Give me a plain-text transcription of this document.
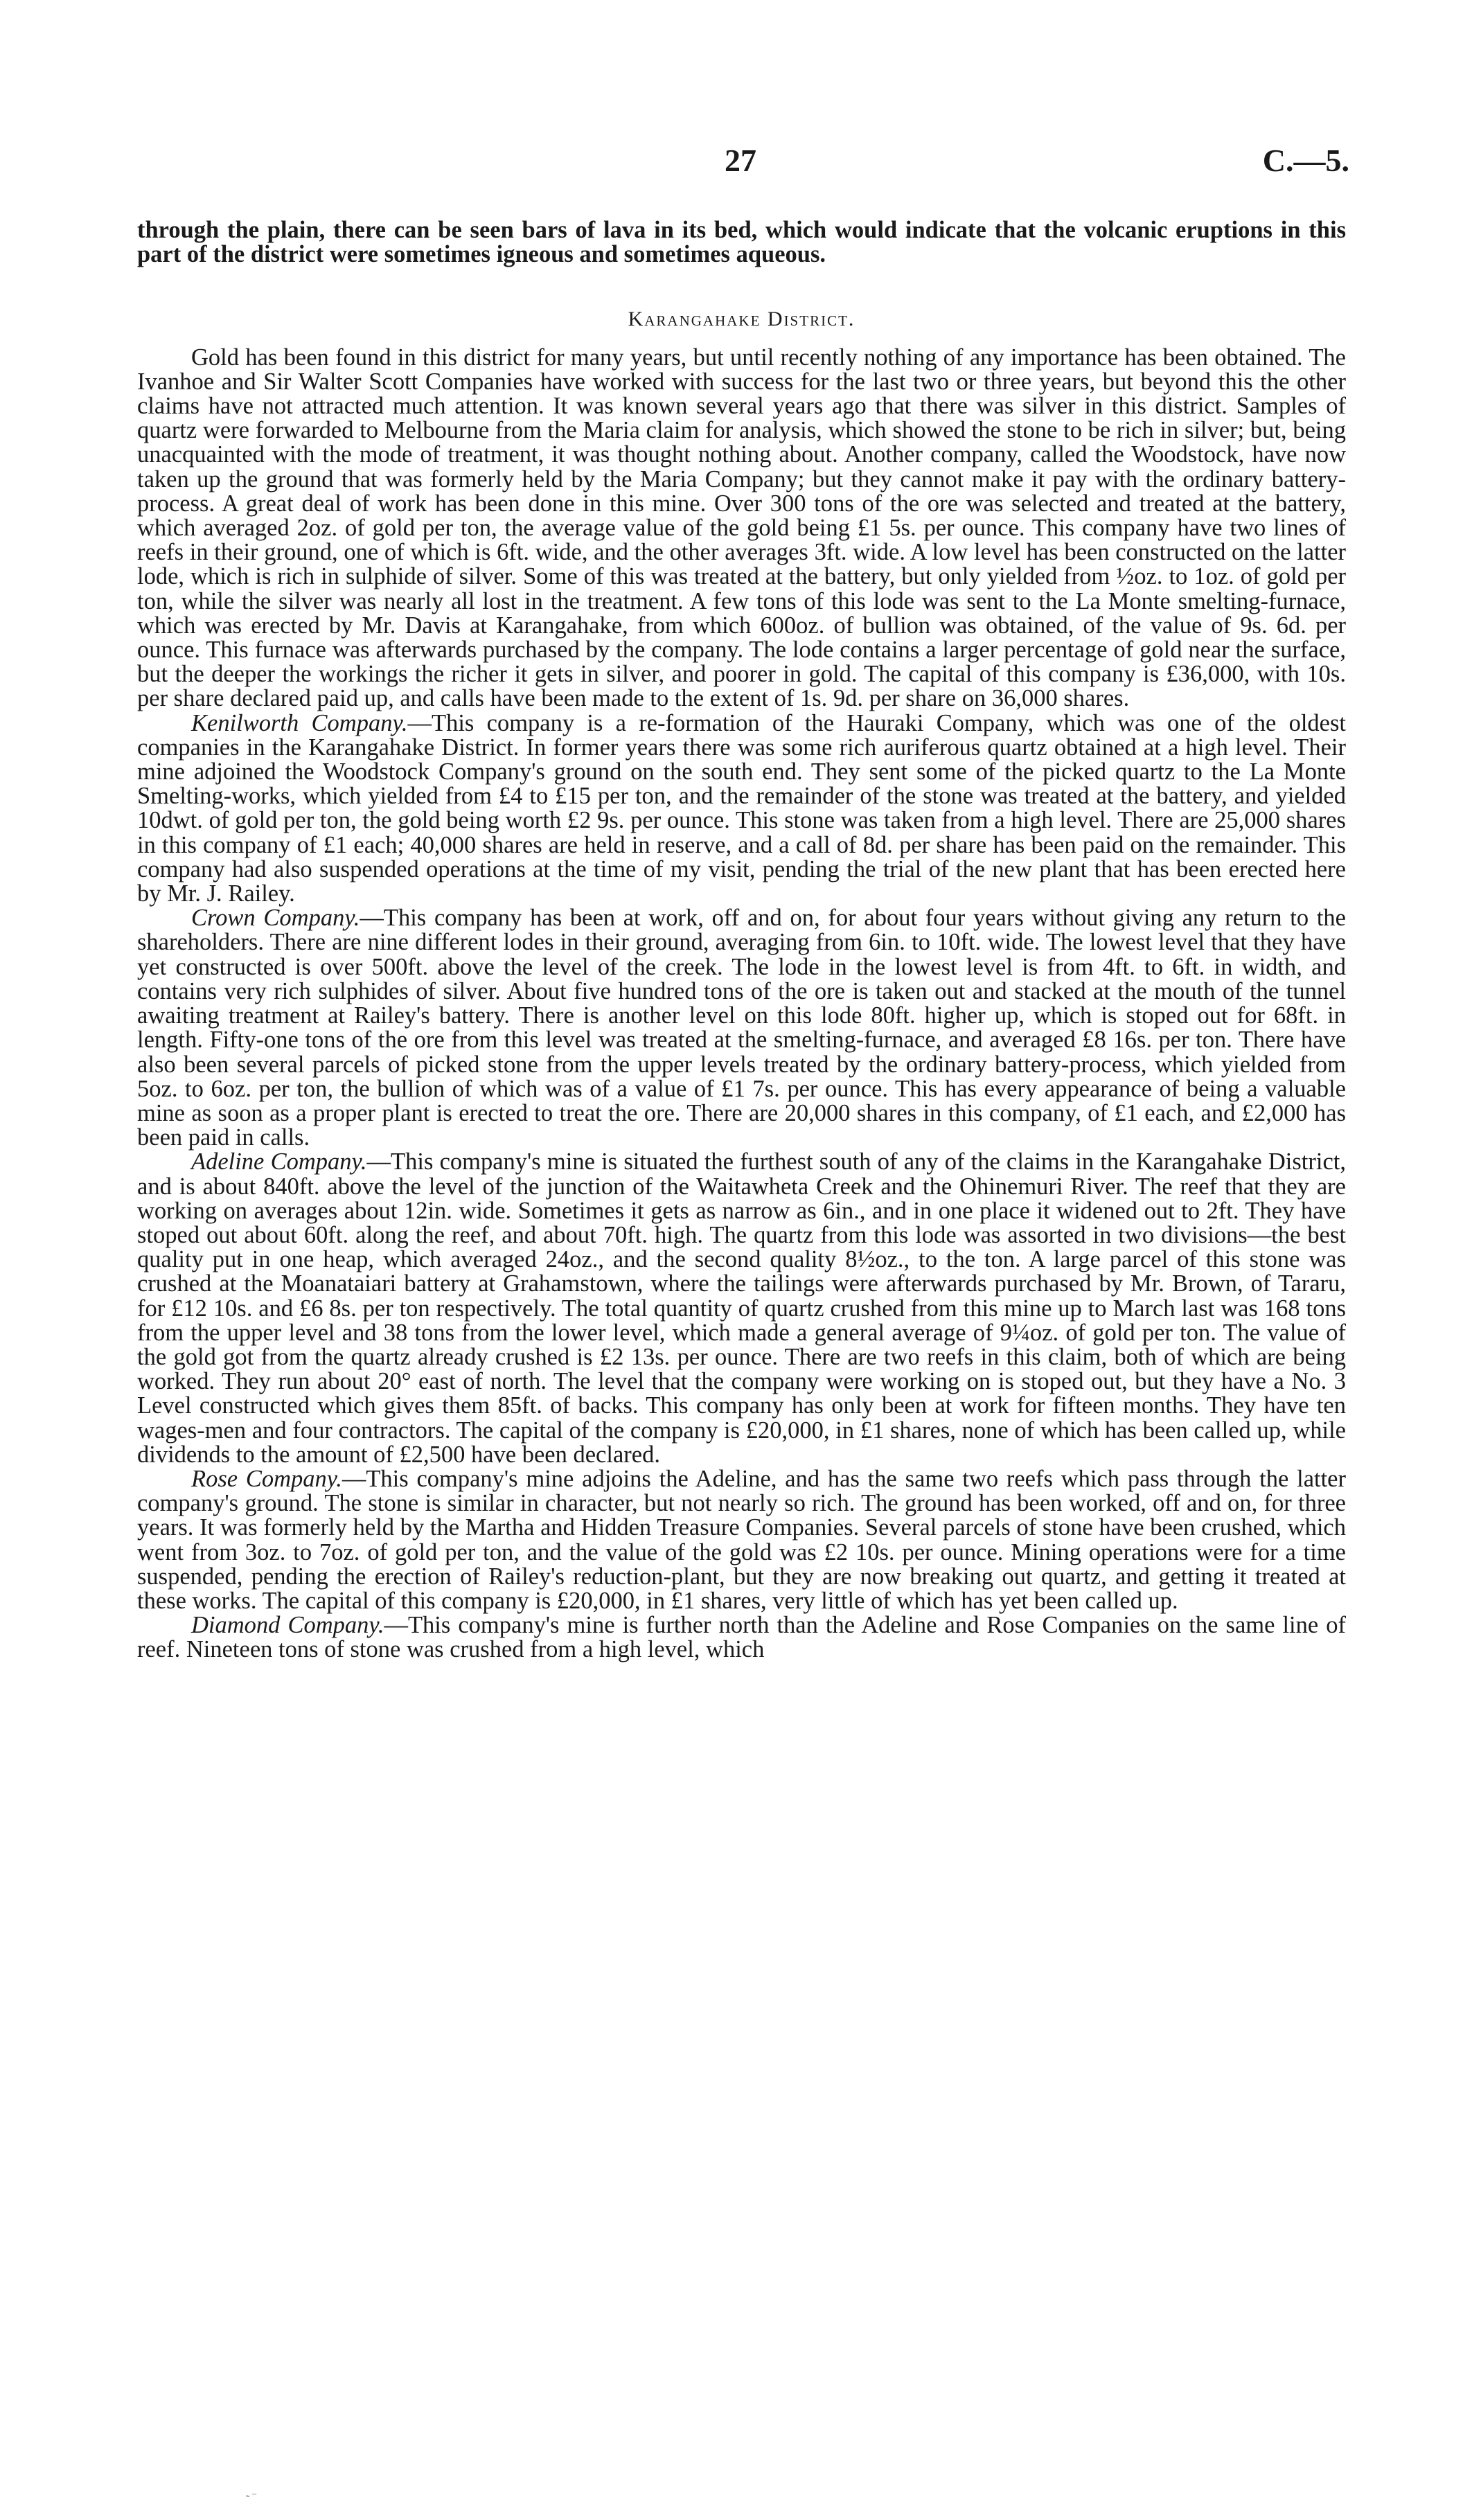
27	C.—5.

through the plain, there can be seen bars of lava in its bed, which would indicate that the volcanic eruptions in this part of the district were sometimes igneous and sometimes aqueous.

Karangahake District.

Gold has been found in this district for many years, but until recently nothing of any importance has been obtained. The Ivanhoe and Sir Walter Scott Companies have worked with success for the last two or three years, but beyond this the other claims have not attracted much attention. It was known several years ago that there was silver in this district. Samples of quartz were forwarded to Melbourne from the Maria claim for analysis, which showed the stone to be rich in silver; but, being unacquainted with the mode of treatment, it was thought nothing about. Another company, called the Woodstock, have now taken up the ground that was formerly held by the Maria Company; but they cannot make it pay with the ordinary battery-process. A great deal of work has been done in this mine. Over 300 tons of the ore was selected and treated at the battery, which averaged 2oz. of gold per ton, the average value of the gold being £1 5s. per ounce. This company have two lines of reefs in their ground, one of which is 6ft. wide, and the other averages 3ft. wide. A low level has been constructed on the latter lode, which is rich in sulphide of silver. Some of this was treated at the battery, but only yielded from ½oz. to 1oz. of gold per ton, while the silver was nearly all lost in the treatment. A few tons of this lode was sent to the La Monte smelting-furnace, which was erected by Mr. Davis at Karangahake, from which 600oz. of bullion was obtained, of the value of 9s. 6d. per ounce. This furnace was afterwards purchased by the company. The lode contains a larger percentage of gold near the surface, but the deeper the workings the richer it gets in silver, and poorer in gold. The capital of this company is £36,000, with 10s. per share declared paid up, and calls have been made to the extent of 1s. 9d. per share on 36,000 shares.

Kenilworth Company.—This company is a re-formation of the Hauraki Company, which was one of the oldest companies in the Karangahake District. In former years there was some rich auriferous quartz obtained at a high level. Their mine adjoined the Woodstock Company's ground on the south end. They sent some of the picked quartz to the La Monte Smelting-works, which yielded from £4 to £15 per ton, and the remainder of the stone was treated at the battery, and yielded 10dwt. of gold per ton, the gold being worth £2 9s. per ounce. This stone was taken from a high level. There are 25,000 shares in this company of £1 each; 40,000 shares are held in reserve, and a call of 8d. per share has been paid on the remainder. This company had also suspended operations at the time of my visit, pending the trial of the new plant that has been erected here by Mr. J. Railey.

Crown Company.—This company has been at work, off and on, for about four years without giving any return to the shareholders. There are nine different lodes in their ground, averaging from 6in. to 10ft. wide. The lowest level that they have yet constructed is over 500ft. above the level of the creek. The lode in the lowest level is from 4ft. to 6ft. in width, and contains very rich sulphides of silver. About five hundred tons of the ore is taken out and stacked at the mouth of the tunnel awaiting treatment at Railey's battery. There is another level on this lode 80ft. higher up, which is stoped out for 68ft. in length. Fifty-one tons of the ore from this level was treated at the smelting-furnace, and averaged £8 16s. per ton. There have also been several parcels of picked stone from the upper levels treated by the ordinary battery-process, which yielded from 5oz. to 6oz. per ton, the bullion of which was of a value of £1 7s. per ounce. This has every appearance of being a valuable mine as soon as a proper plant is erected to treat the ore. There are 20,000 shares in this company, of £1 each, and £2,000 has been paid in calls.

Adeline Company.—This company's mine is situated the furthest south of any of the claims in the Karangahake District, and is about 840ft. above the level of the junction of the Waitawheta Creek and the Ohinemuri River. The reef that they are working on averages about 12in. wide. Sometimes it gets as narrow as 6in., and in one place it widened out to 2ft. They have stoped out about 60ft. along the reef, and about 70ft. high. The quartz from this lode was assorted in two divisions—the best quality put in one heap, which averaged 24oz., and the second quality 8½oz., to the ton. A large parcel of this stone was crushed at the Moanataiari battery at Grahamstown, where the tailings were afterwards purchased by Mr. Brown, of Tararu, for £12 10s. and £6 8s. per ton respectively. The total quantity of quartz crushed from this mine up to March last was 168 tons from the upper level and 38 tons from the lower level, which made a general average of 9¼oz. of gold per ton. The value of the gold got from the quartz already crushed is £2 13s. per ounce. There are two reefs in this claim, both of which are being worked. They run about 20° east of north. The level that the company were working on is stoped out, but they have a No. 3 Level constructed which gives them 85ft. of backs. This company has only been at work for fifteen months. They have ten wages-men and four contractors. The capital of the company is £20,000, in £1 shares, none of which has been called up, while dividends to the amount of £2,500 have been declared.

Rose Company.—This company's mine adjoins the Adeline, and has the same two reefs which pass through the latter company's ground. The stone is similar in character, but not nearly so rich. The ground has been worked, off and on, for three years. It was formerly held by the Martha and Hidden Treasure Companies. Several parcels of stone have been crushed, which went from 3oz. to 7oz. of gold per ton, and the value of the gold was £2 10s. per ounce. Mining operations were for a time suspended, pending the erection of Railey's reduction-plant, but they are now breaking out quartz, and getting it treated at these works. The capital of this company is £20,000, in £1 shares, very little of which has yet been called up.

Diamond Company.—This company's mine is further north than the Adeline and Rose Companies on the same line of reef. Nineteen tons of stone was crushed from a high level, which

˜ ‾
